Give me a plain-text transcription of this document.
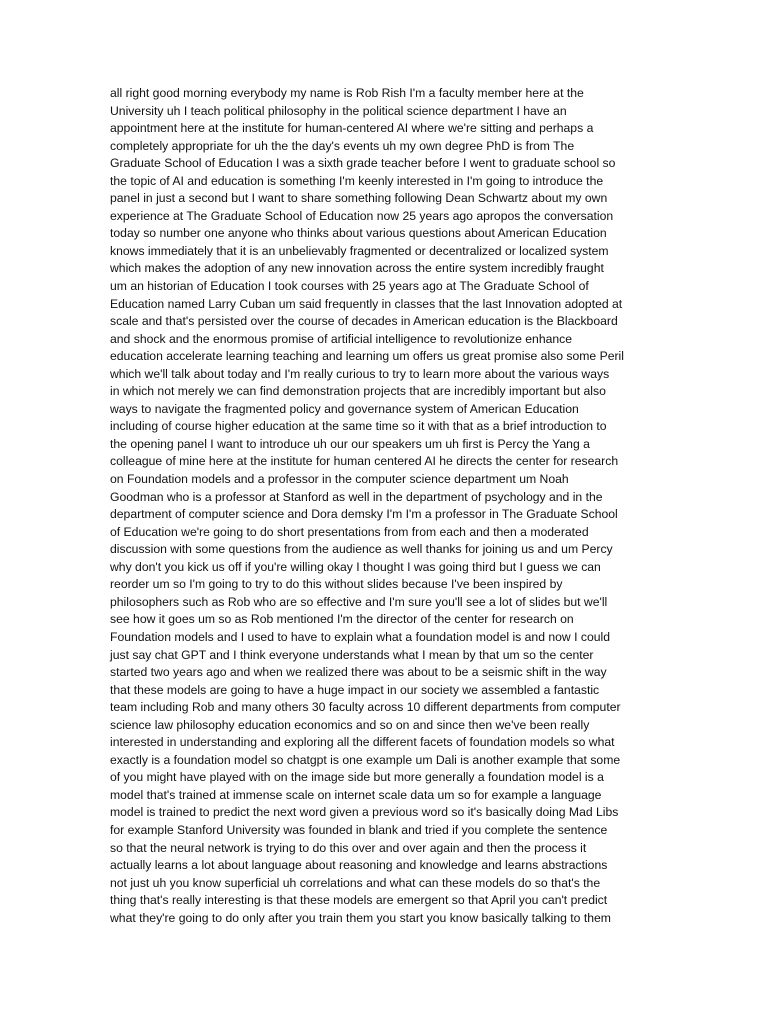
all right good morning everybody my name is Rob Rish I'm a faculty member here at the
University uh I teach political philosophy in the political science department I have an
appointment here at the institute for human-centered AI where we're sitting and perhaps a
completely appropriate for uh the the day's events uh my own degree PhD is from The
Graduate School of Education I was a sixth grade teacher before I went to graduate school so
the topic of AI and education is something I'm keenly interested in I'm going to introduce the
panel in just a second but I want to share something following Dean Schwartz about my own
experience at The Graduate School of Education now 25 years ago apropos the conversation
today so number one anyone who thinks about various questions about American Education
knows immediately that it is an unbelievably fragmented or decentralized or localized system
which makes the adoption of any new innovation across the entire system incredibly fraught
um an historian of Education I took courses with 25 years ago at The Graduate School of
Education named Larry Cuban um said frequently in classes that the last Innovation adopted at
scale and that's persisted over the course of decades in American education is the Blackboard
and shock and the enormous promise of artificial intelligence to revolutionize enhance
education accelerate learning teaching and learning um offers us great promise also some Peril
which we'll talk about today and I'm really curious to try to learn more about the various ways
in which not merely we can find demonstration projects that are incredibly important but also
ways to navigate the fragmented policy and governance system of American Education
including of course higher education at the same time so it with that as a brief introduction to
the opening panel I want to introduce uh our our speakers um uh first is Percy the Yang a
colleague of mine here at the institute for human centered AI he directs the center for research
on Foundation models and a professor in the computer science department um Noah
Goodman who is a professor at Stanford as well in the department of psychology and in the
department of computer science and Dora demsky I'm I'm a professor in The Graduate School
of Education we're going to do short presentations from from each and then a moderated
discussion with some questions from the audience as well thanks for joining us and um Percy
why don't you kick us off if you're willing okay I thought I was going third but I guess we can
reorder um so I'm going to try to do this without slides because I've been inspired by
philosophers such as Rob who are so effective and I'm sure you'll see a lot of slides but we'll
see how it goes um so as Rob mentioned I'm the director of the center for research on
Foundation models and I used to have to explain what a foundation model is and now I could
just say chat GPT and I think everyone understands what I mean by that um so the center
started two years ago and when we realized there was about to be a seismic shift in the way
that these models are going to have a huge impact in our society we assembled a fantastic
team including Rob and many others 30 faculty across 10 different departments from computer
science law philosophy education economics and so on and since then we've been really
interested in understanding and exploring all the different facets of foundation models so what
exactly is a foundation model so chatgpt is one example um Dali is another example that some
of you might have played with on the image side but more generally a foundation model is a
model that's trained at immense scale on internet scale data um so for example a language
model is trained to predict the next word given a previous word so it's basically doing Mad Libs
for example Stanford University was founded in blank and tried if you complete the sentence
so that the neural network is trying to do this over and over again and then the process it
actually learns a lot about language about reasoning and knowledge and learns abstractions
not just uh you know superficial uh correlations and what can these models do so that's the
thing that's really interesting is that these models are emergent so that April you can't predict
what they're going to do only after you train them you start you know basically talking to them
